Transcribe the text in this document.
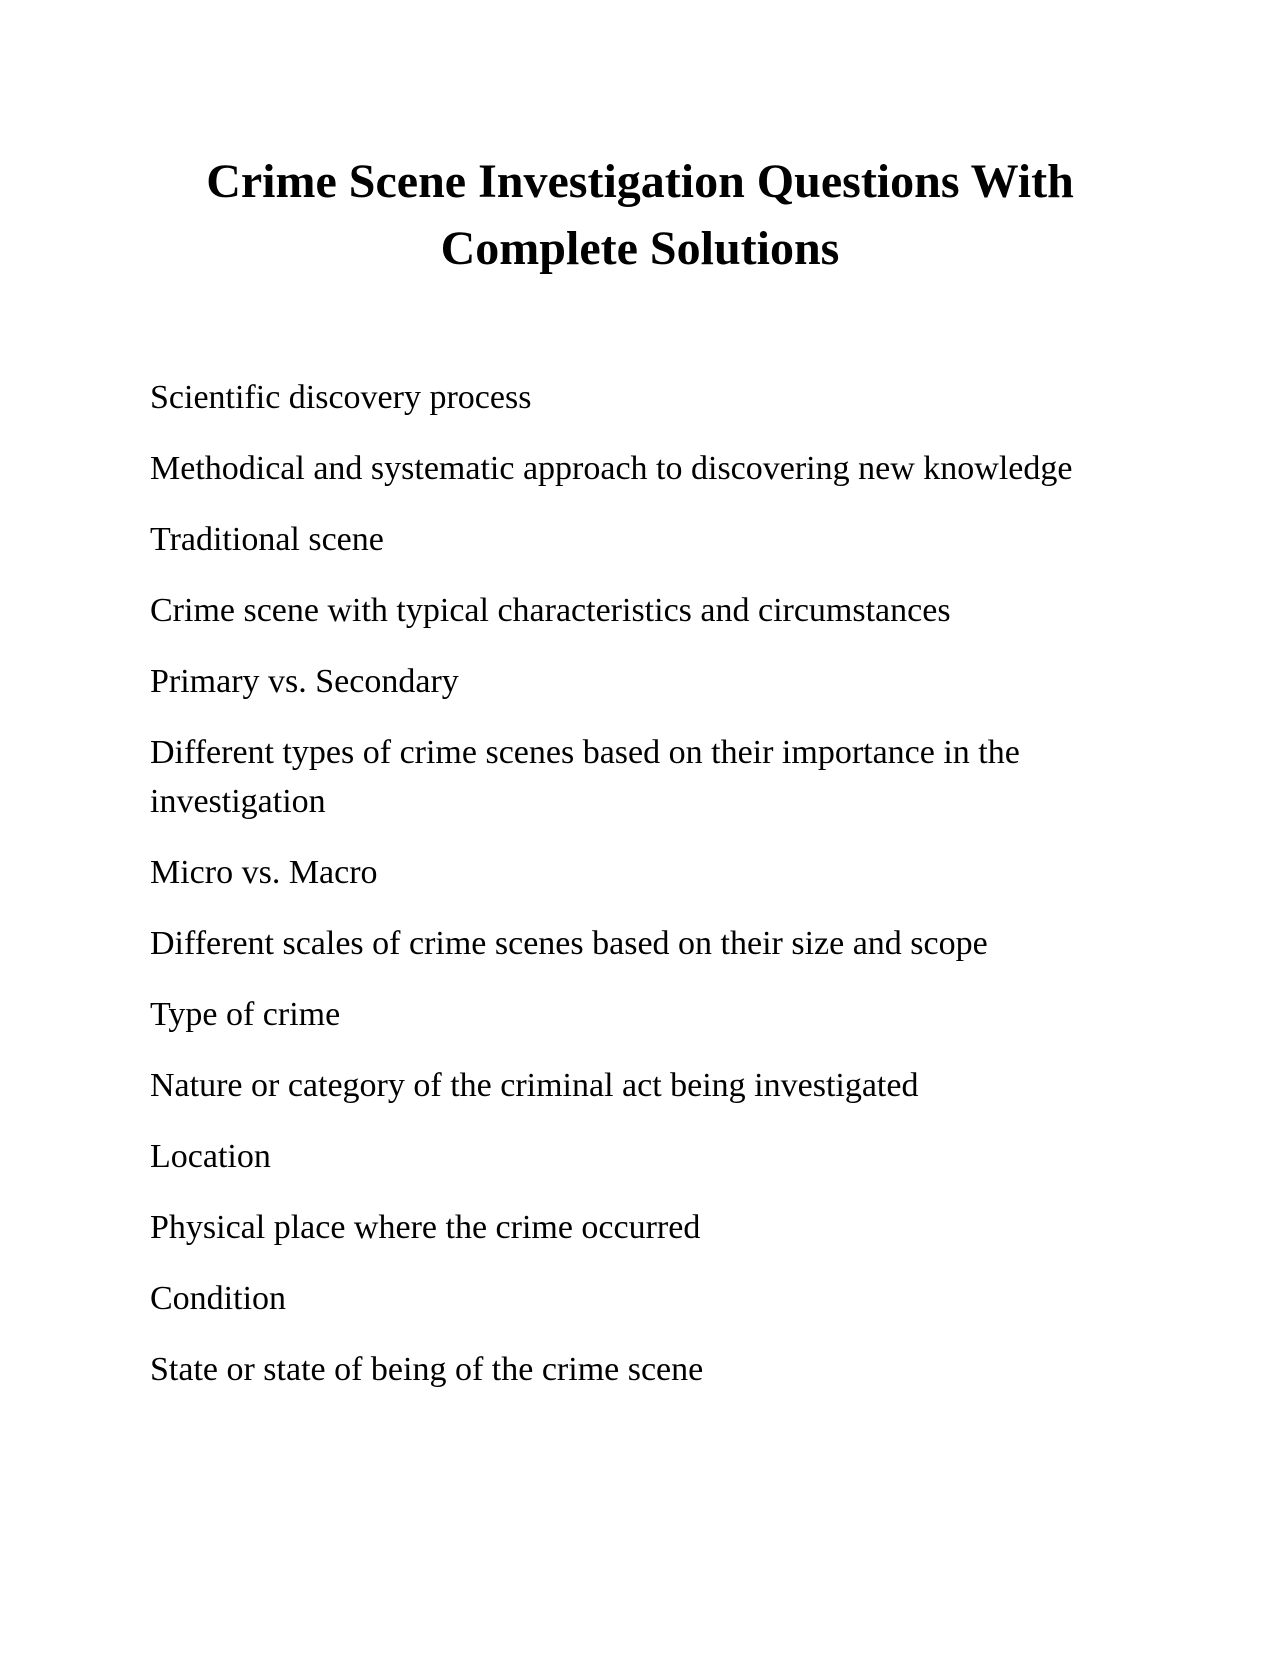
Crime Scene Investigation Questions With Complete Solutions

Scientific discovery process

Methodical and systematic approach to discovering new knowledge

Traditional scene

Crime scene with typical characteristics and circumstances

Primary vs. Secondary

Different types of crime scenes based on their importance in the investigation

Micro vs. Macro

Different scales of crime scenes based on their size and scope

Type of crime

Nature or category of the criminal act being investigated

Location

Physical place where the crime occurred

Condition

State or state of being of the crime scene
